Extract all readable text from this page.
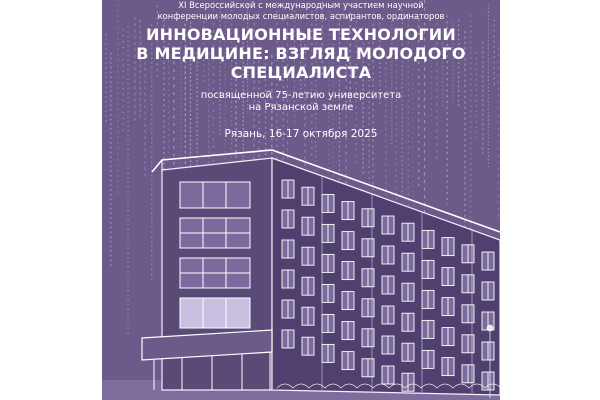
XI Всероссийской с международным участием научной
конференции молодых специалистов, аспирантов, ординаторов
ИННОВАЦИОННЫЕ ТЕХНОЛОГИИ
В МЕДИЦИНЕ: ВЗГЛЯД МОЛОДОГО
СПЕЦИАЛИСТА
посвященной 75-летию университета
на Рязанской земле
Рязань, 16-17 октября 2025
